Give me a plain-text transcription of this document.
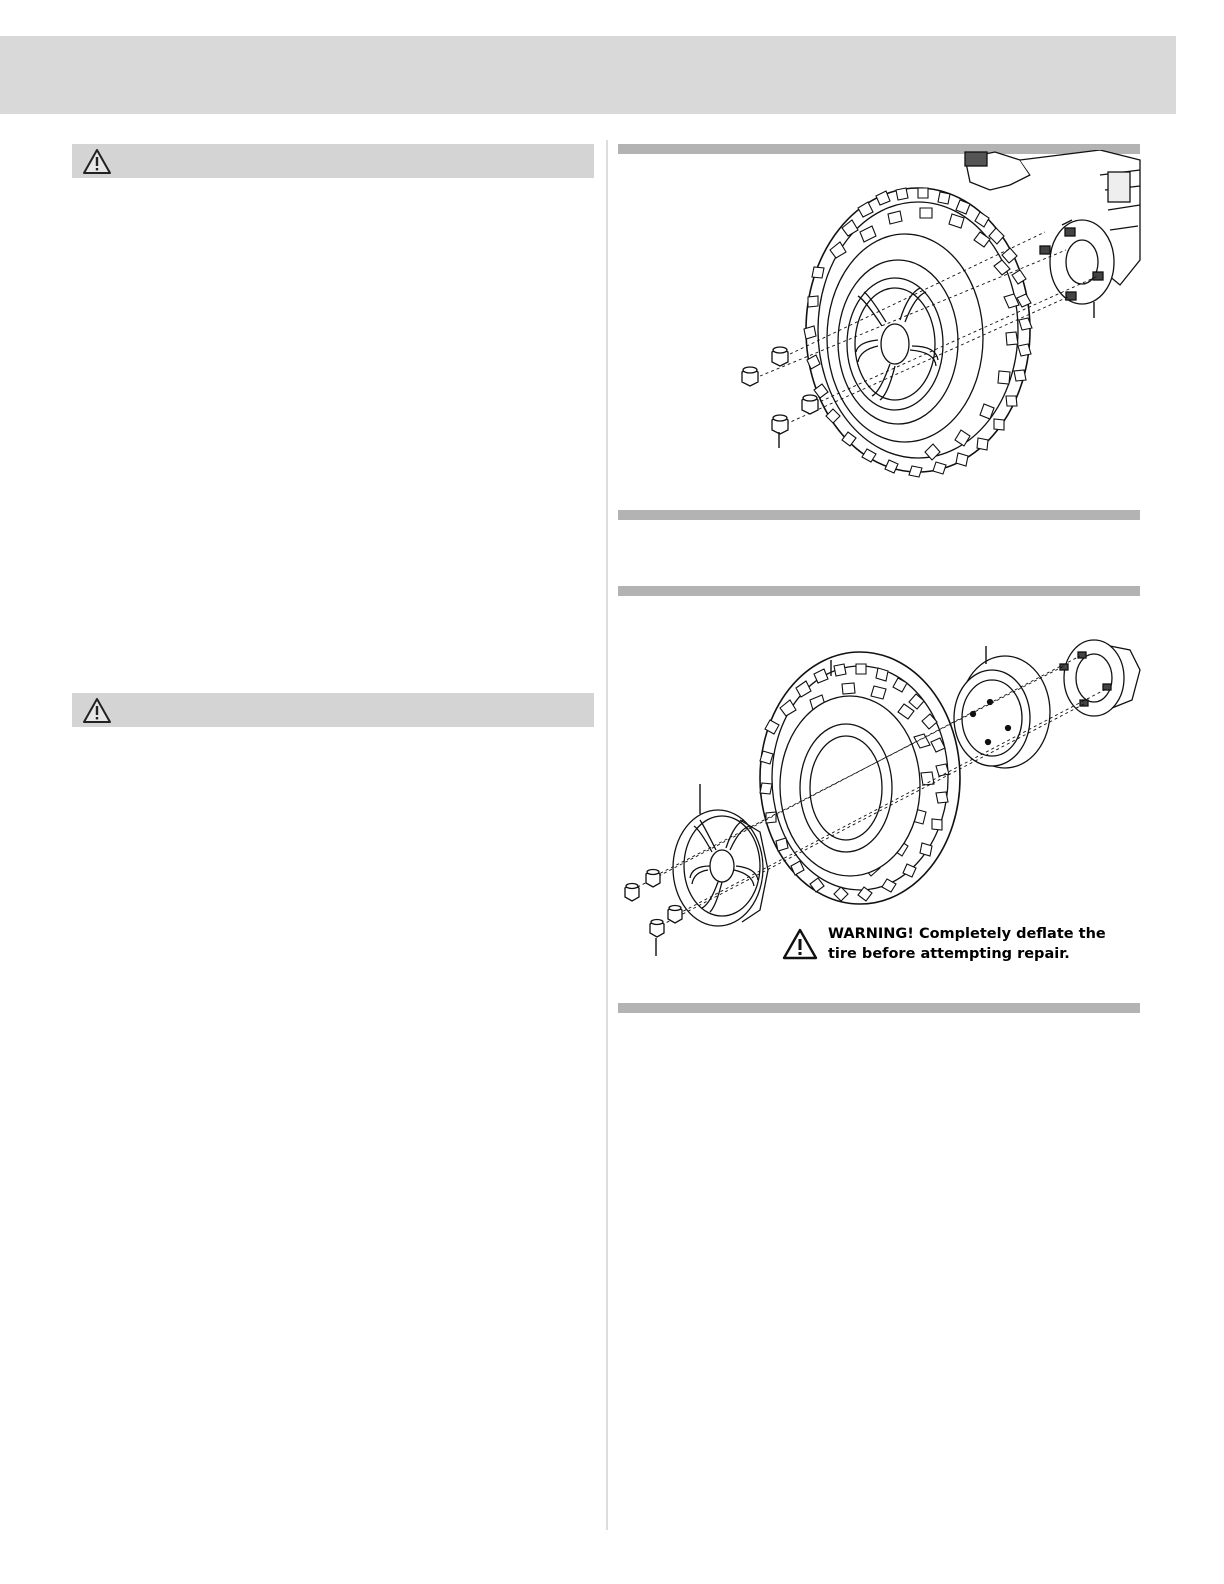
WARNING! Completely deflate the
tire before attempting repair.
